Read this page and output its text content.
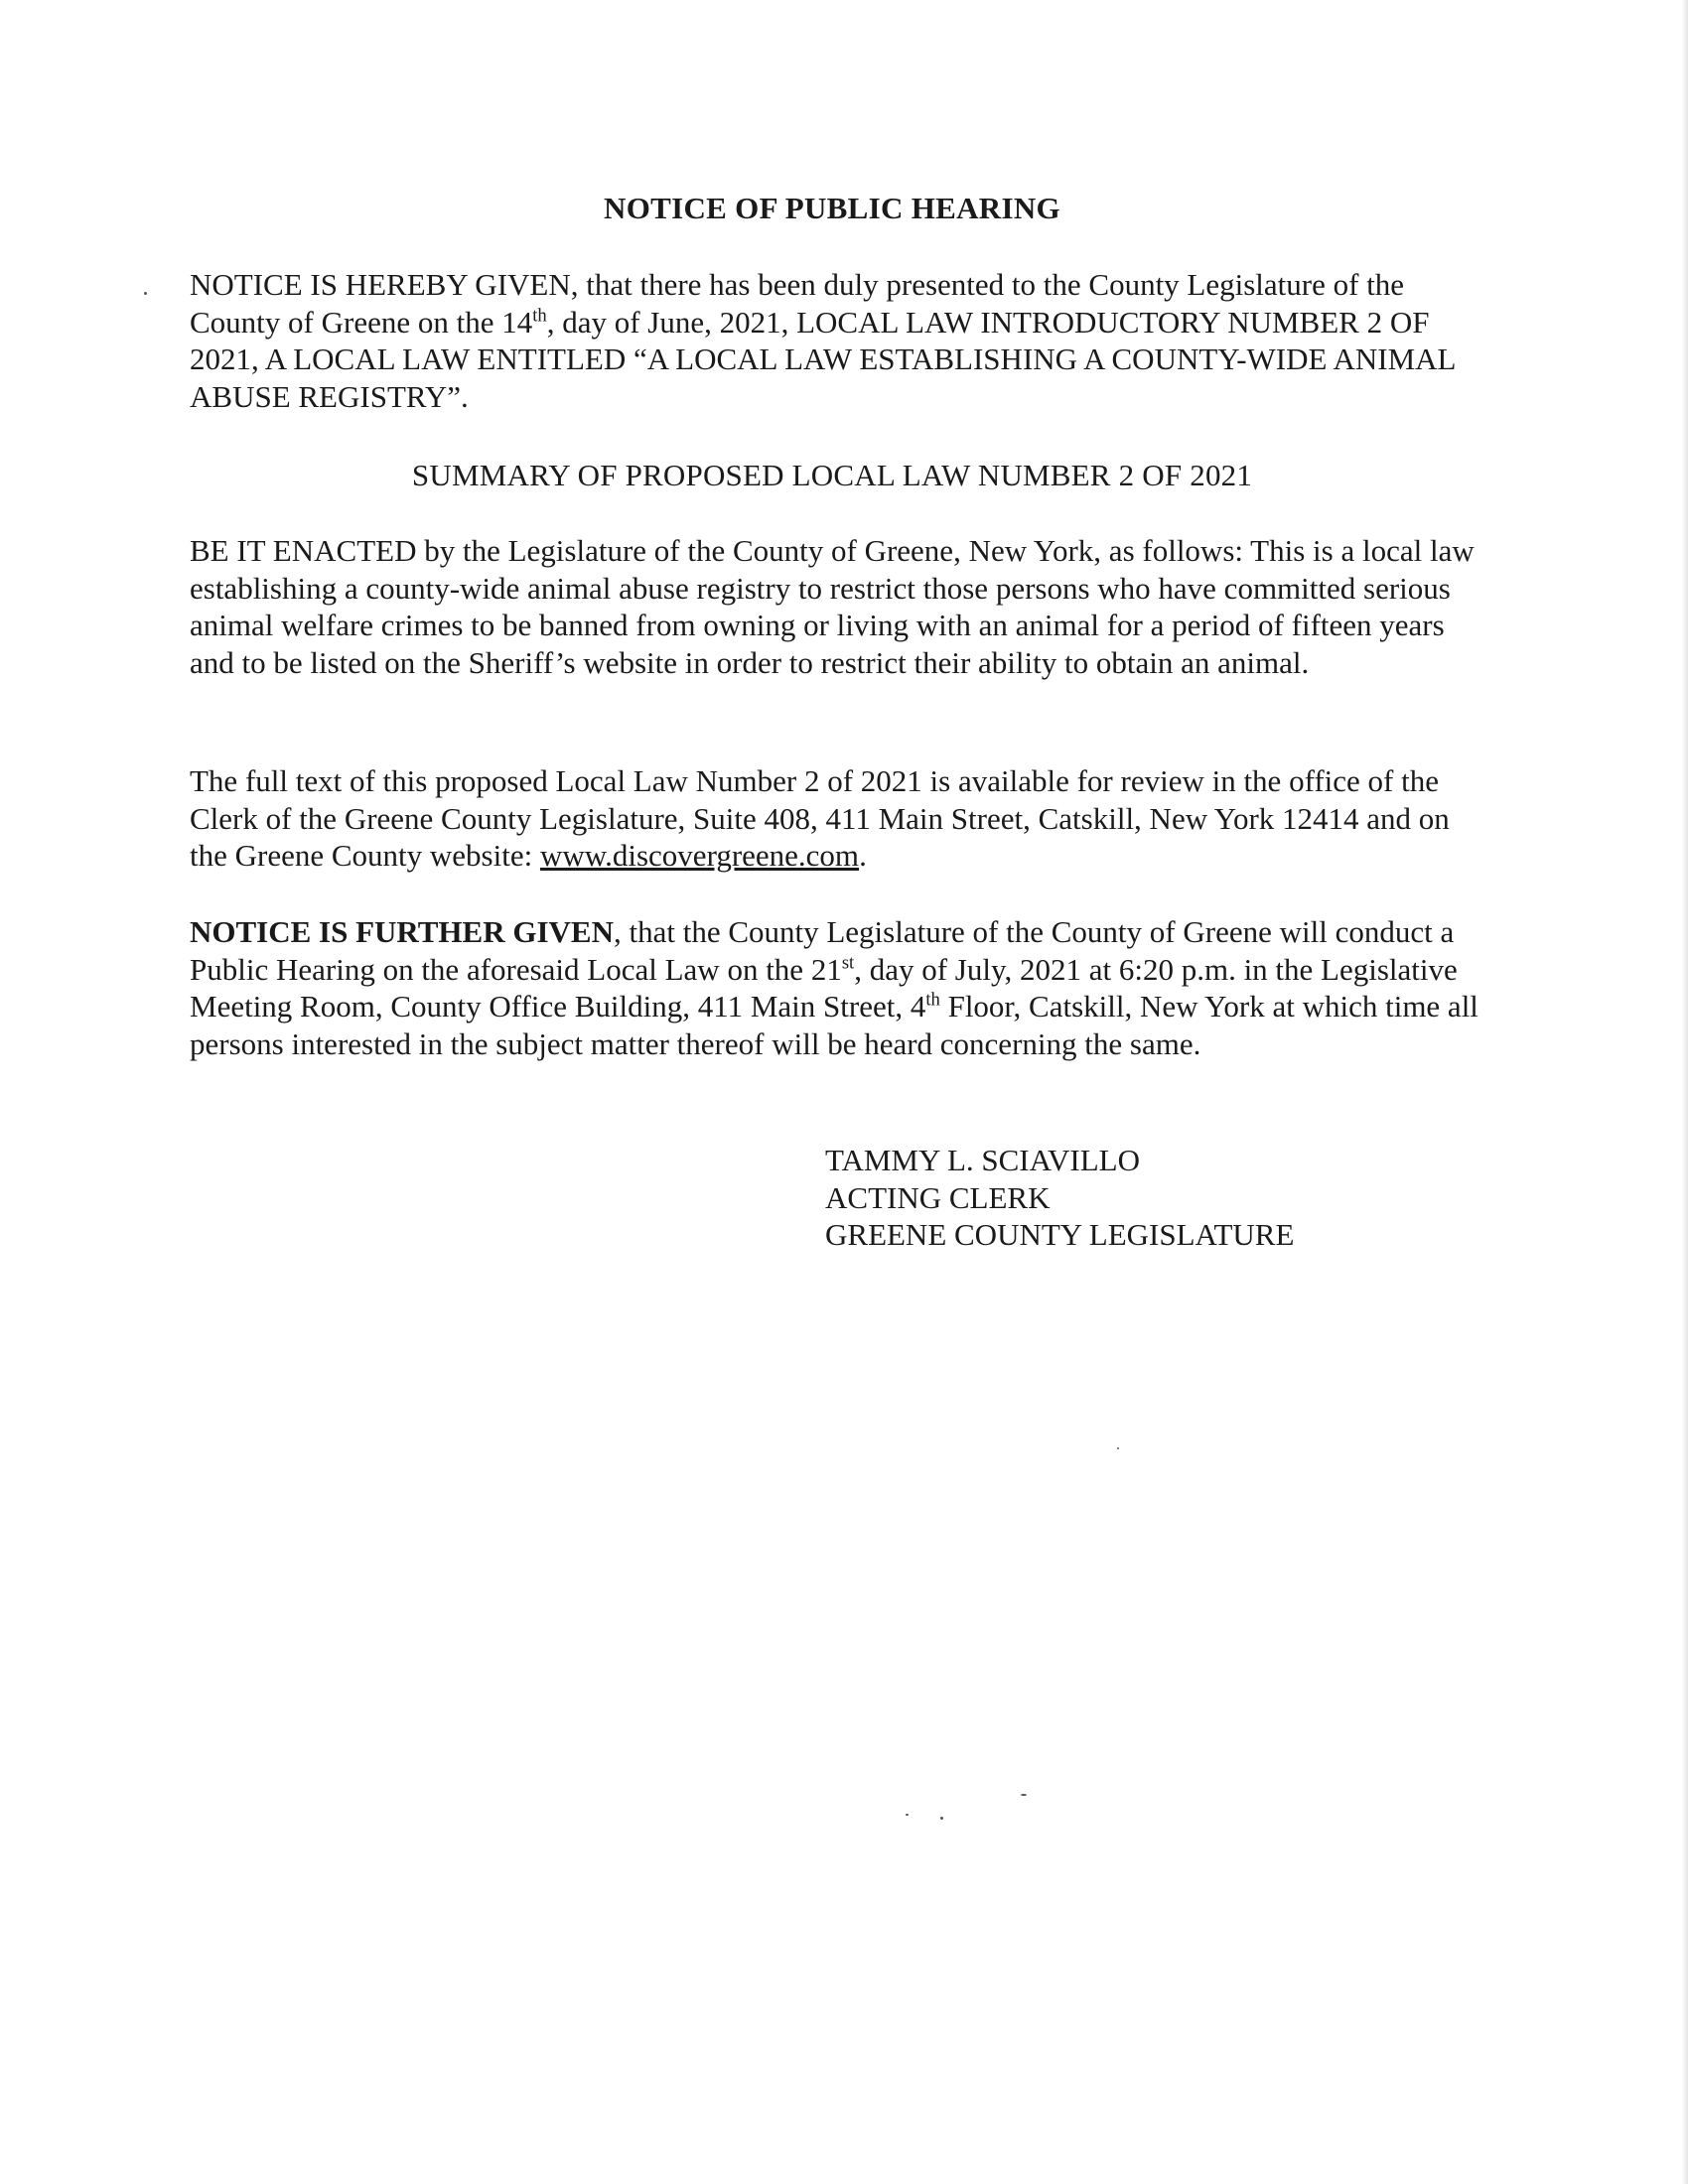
NOTICE OF PUBLIC HEARING

NOTICE IS HEREBY GIVEN, that there has been duly presented to the County Legislature of the County of Greene on the 14th, day of June, 2021, LOCAL LAW INTRODUCTORY NUMBER 2 OF 2021, A LOCAL LAW ENTITLED “A LOCAL LAW ESTABLISHING A COUNTY-WIDE ANIMAL ABUSE REGISTRY”.

SUMMARY OF PROPOSED LOCAL LAW NUMBER 2 OF 2021

BE IT ENACTED by the Legislature of the County of Greene, New York, as follows: This is a local law establishing a county-wide animal abuse registry to restrict those persons who have committed serious animal welfare crimes to be banned from owning or living with an animal for a period of fifteen years and to be listed on the Sheriff’s website in order to restrict their ability to obtain an animal.

The full text of this proposed Local Law Number 2 of 2021 is available for review in the office of the Clerk of the Greene County Legislature, Suite 408, 411 Main Street, Catskill, New York 12414 and on the Greene County website: www.discovergreene.com.

NOTICE IS FURTHER GIVEN, that the County Legislature of the County of Greene will conduct a Public Hearing on the aforesaid Local Law on the 21st, day of July, 2021 at 6:20 p.m. in the Legislative Meeting Room, County Office Building, 411 Main Street, 4th Floor, Catskill, New York at which time all persons interested in the subject matter thereof will be heard concerning the same.

TAMMY L. SCIAVILLO
ACTING CLERK
GREENE COUNTY LEGISLATURE
